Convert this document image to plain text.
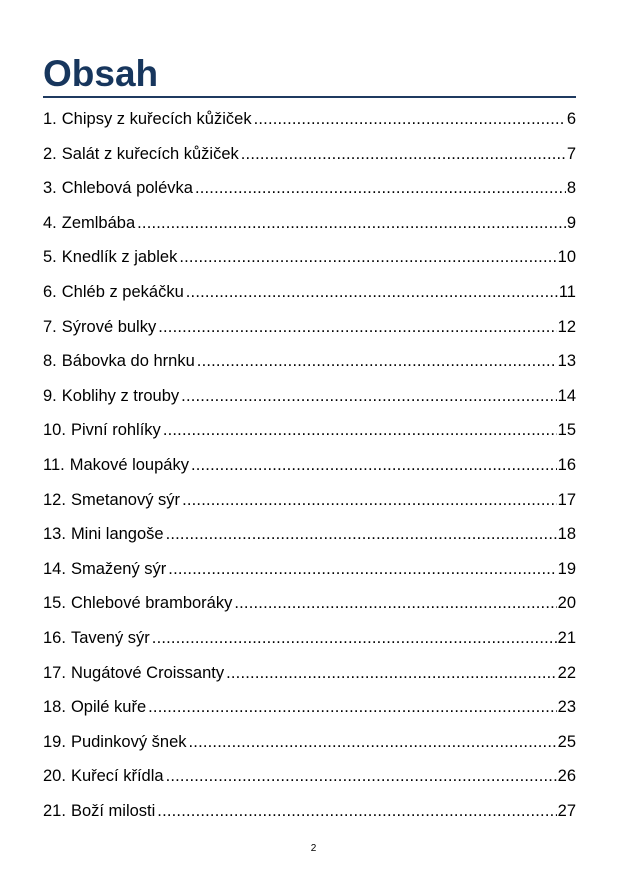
Obsah
1. Chipsy z kuřecích kůžiček .....	6
2. Salát z kuřecích kůžiček .....	7
3. Chlebová polévka .....	8
4. Zemlbába .....	9
5. Knedlík z jablek .....	10
6. Chléb z pekáčku .....	11
7. Sýrové bulky .....	12
8. Bábovka do hrnku .....	13
9. Koblihy z trouby .....	14
10. Pivní rohlíky .....	15
11. Makové loupáky .....	16
12. Smetanový sýr .....	17
13. Mini langoše .....	18
14. Smažený sýr .....	19
15. Chlebové bramboráky .....	20
16. Tavený sýr .....	21
17. Nugátové Croissanty .....	22
18. Opilé kuře .....	23
19. Pudinkový šnek .....	25
20. Kuřecí křídla .....	26
21. Boží milosti .....	27
2
